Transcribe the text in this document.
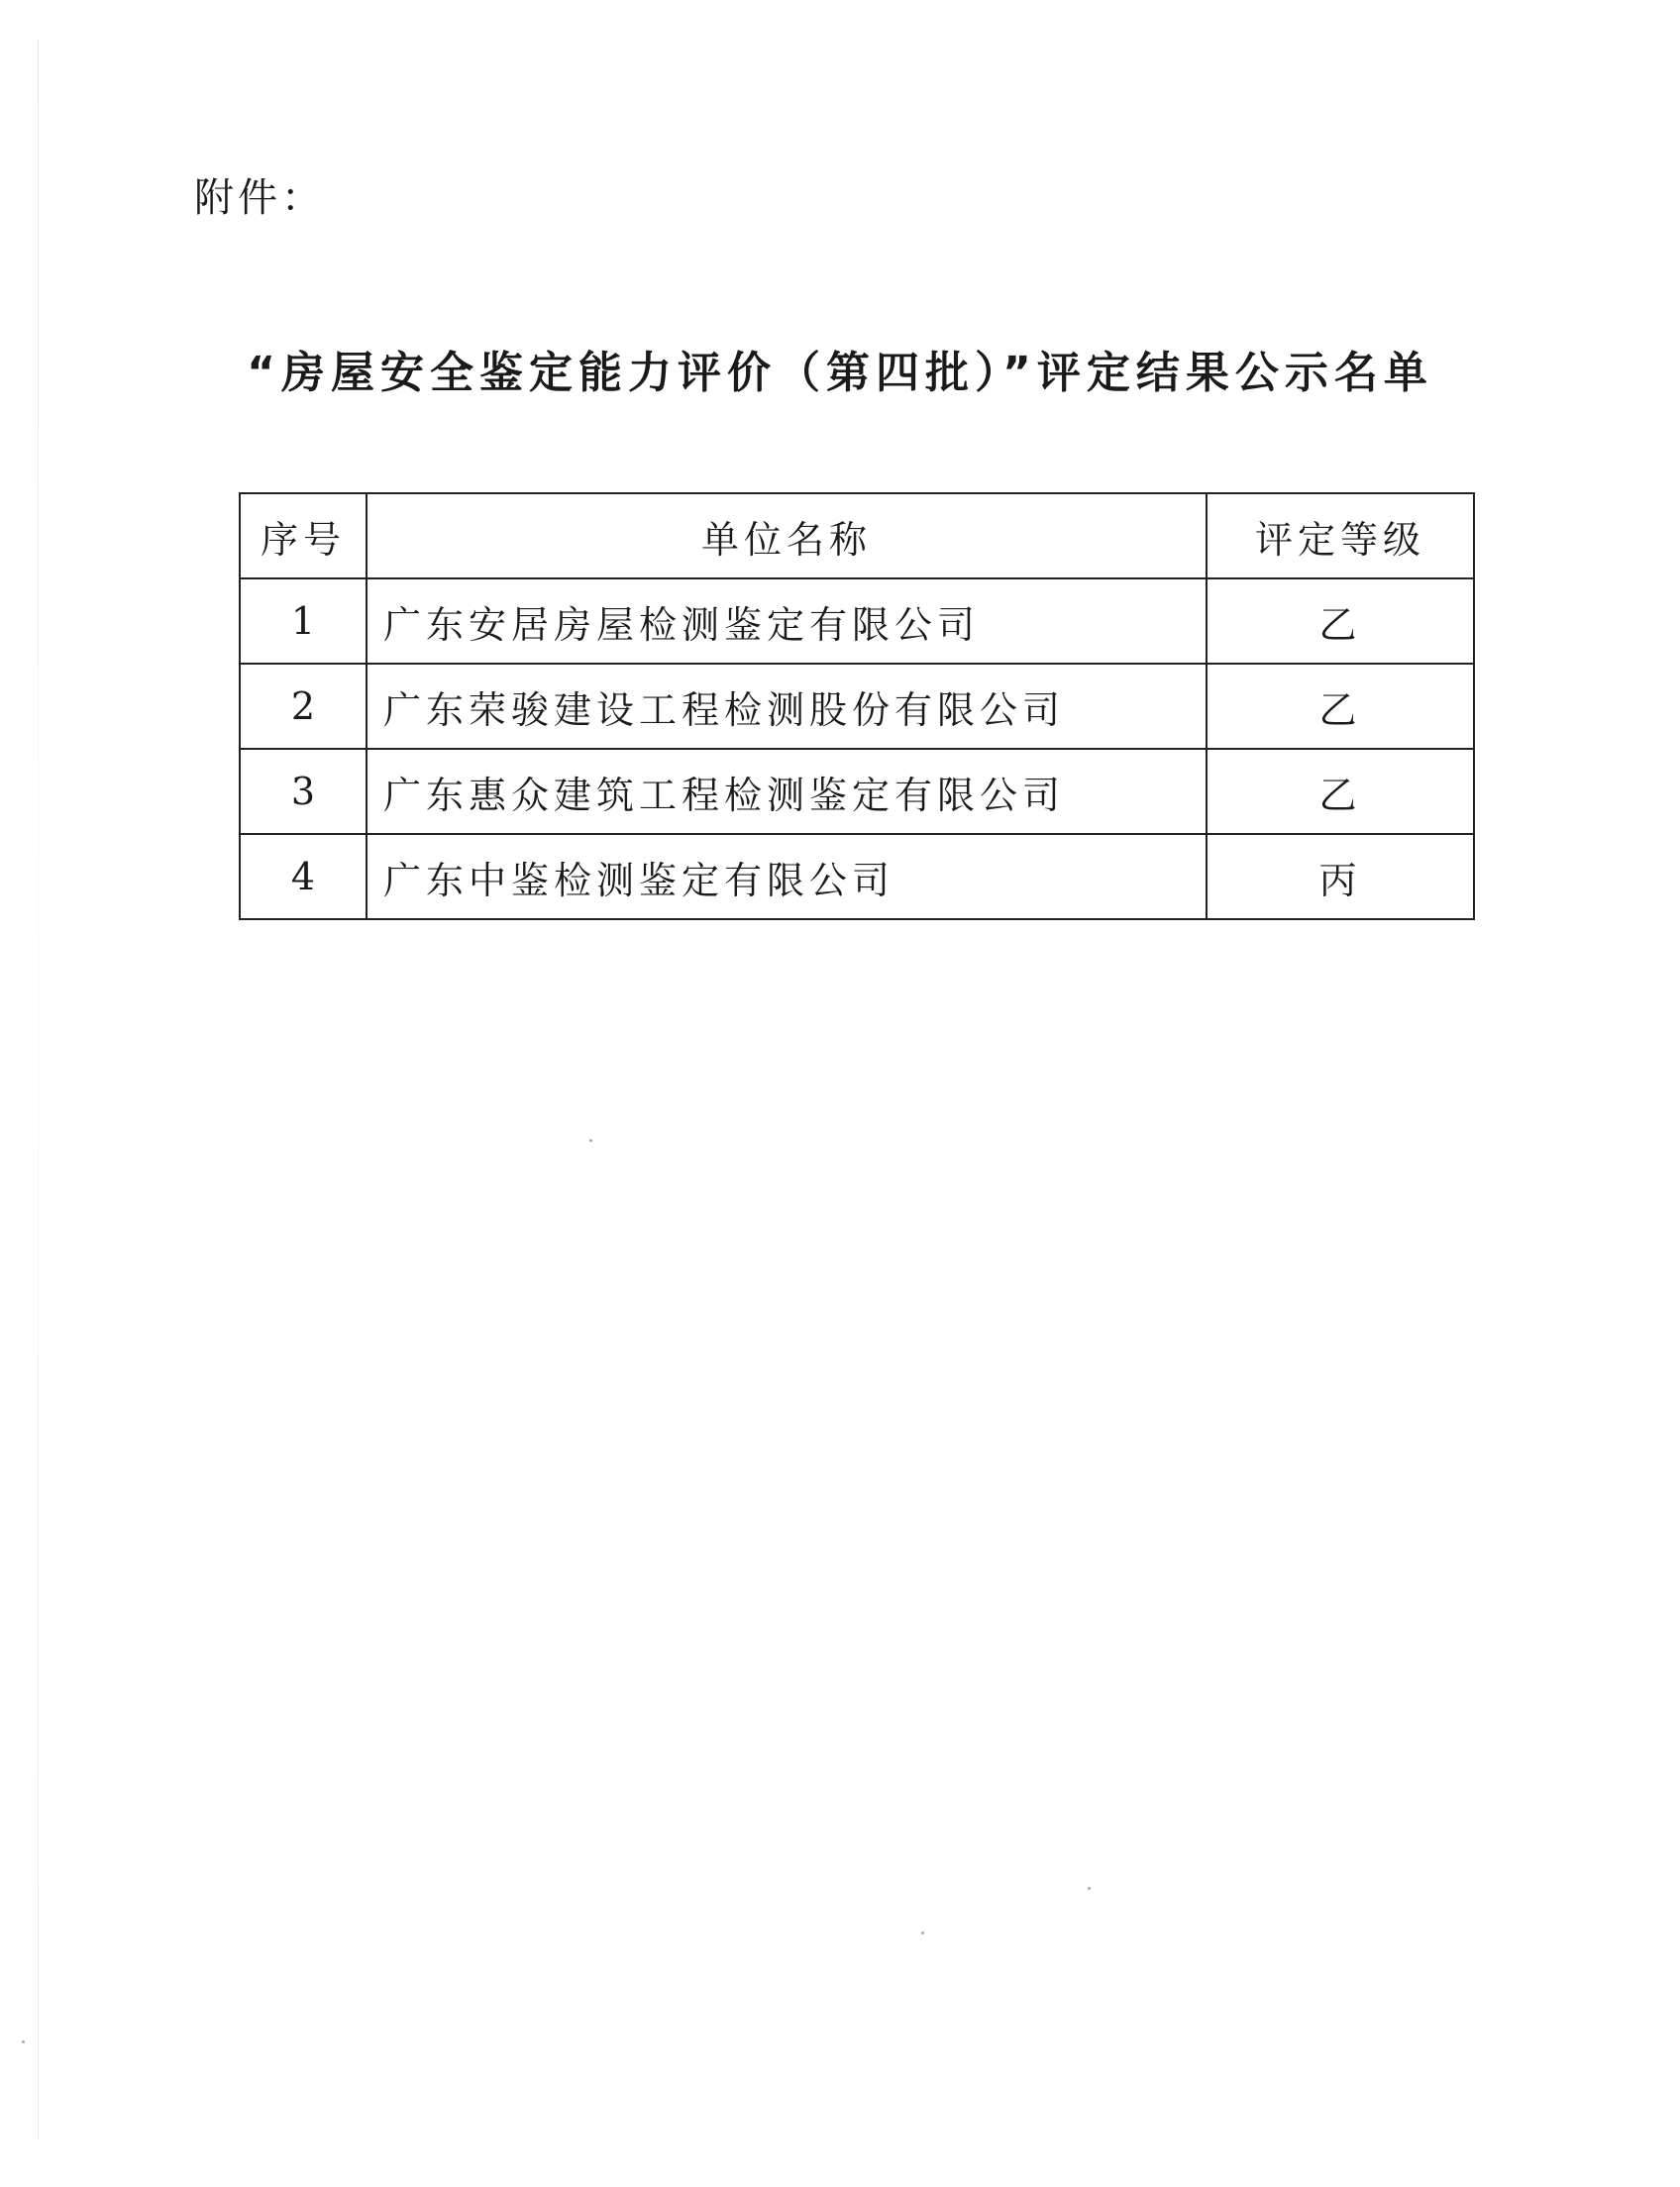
附件：
“房屋安全鉴定能力评价（第四批）”评定结果公示名单
序号	单位名称	评定等级
1	广东安居房屋检测鉴定有限公司	乙
2	广东荣骏建设工程检测股份有限公司	乙
3	广东惠众建筑工程检测鉴定有限公司	乙
4	广东中鉴检测鉴定有限公司	丙
